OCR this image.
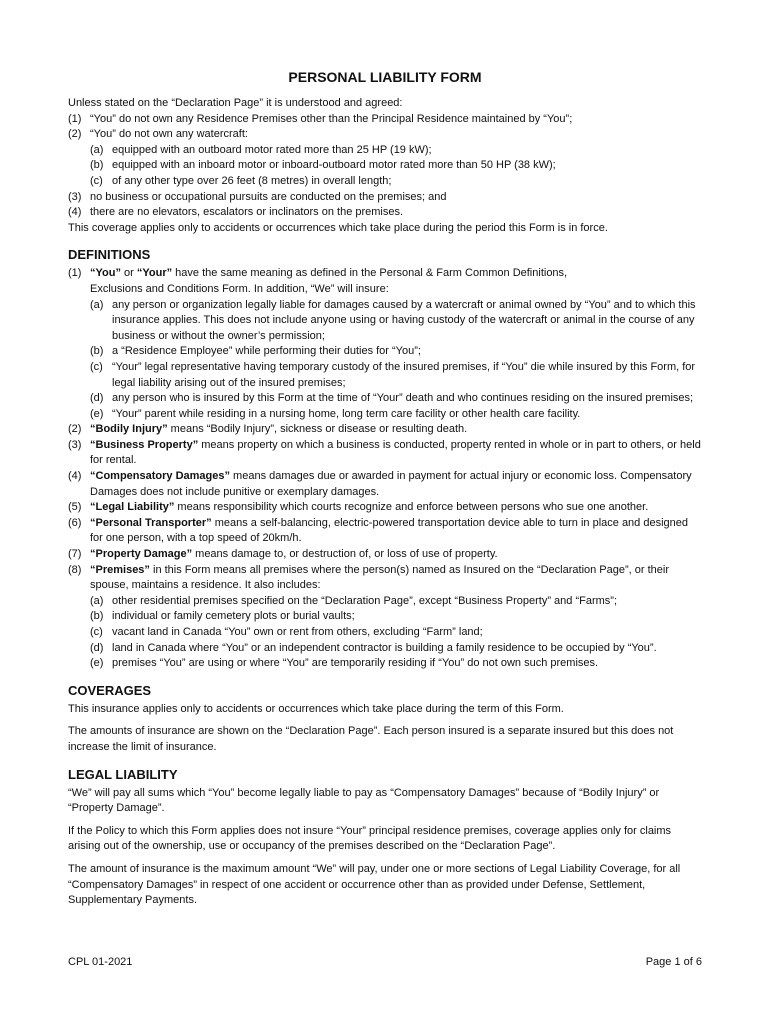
PERSONAL LIABILITY FORM

Unless stated on the “Declaration Page” it is understood and agreed:

(1) “You” do not own any Residence Premises other than the Principal Residence maintained by “You”;
(2) “You” do not own any watercraft:
(a) equipped with an outboard motor rated more than 25 HP (19 kW);
(b) equipped with an inboard motor or inboard-outboard motor rated more than 50 HP (38 kW);
(c) of any other type over 26 feet (8 metres) in overall length;
(3) no business or occupational pursuits are conducted on the premises; and
(4) there are no elevators, escalators or inclinators on the premises.

This coverage applies only to accidents or occurrences which take place during the period this Form is in force.

DEFINITIONS
(1) “You” or “Your” have the same meaning as defined in the Personal & Farm Common Definitions,
Exclusions and Conditions Form. In addition, “We” will insure:
(a) any person or organization legally liable for damages caused by a watercraft or animal owned by “You” and to which this insurance applies. This does not include anyone using or having custody of the watercraft or animal in the course of any business or without the owner’s permission;
(b) a “Residence Employee” while performing their duties for “You”;
(c) “Your” legal representative having temporary custody of the insured premises, if “You” die while insured by this Form, for legal liability arising out of the insured premises;
(d) any person who is insured by this Form at the time of “Your” death and who continues residing on the insured premises;
(e) “Your” parent while residing in a nursing home, long term care facility or other health care facility.
(2) “Bodily Injury” means “Bodily Injury”, sickness or disease or resulting death.
(3) “Business Property” means property on which a business is conducted, property rented in whole or in part to others, or held for rental.
(4) “Compensatory Damages” means damages due or awarded in payment for actual injury or economic loss. Compensatory Damages does not include punitive or exemplary damages.
(5) “Legal Liability” means responsibility which courts recognize and enforce between persons who sue one another.
(6) “Personal Transporter” means a self-balancing, electric-powered transportation device able to turn in place and designed for one person, with a top speed of 20km/h.
(7) “Property Damage” means damage to, or destruction of, or loss of use of property.
(8) “Premises” in this Form means all premises where the person(s) named as Insured on the “Declaration Page”, or their spouse, maintains a residence. It also includes:
(a) other residential premises specified on the “Declaration Page”, except “Business Property” and “Farms”;
(b) individual or family cemetery plots or burial vaults;
(c) vacant land in Canada “You” own or rent from others, excluding “Farm” land;
(d) land in Canada where “You” or an independent contractor is building a family residence to be occupied by “You”.
(e) premises “You” are using or where “You” are temporarily residing if “You” do not own such premises.
COVERAGES

This insurance applies only to accidents or occurrences which take place during the term of this Form.

The amounts of insurance are shown on the “Declaration Page”. Each person insured is a separate insured but this does not increase the limit of insurance.

LEGAL LIABILITY

“We” will pay all sums which “You” become legally liable to pay as “Compensatory Damages” because of “Bodily Injury” or “Property Damage”.

If the Policy to which this Form applies does not insure “Your” principal residence premises, coverage applies only for claims arising out of the ownership, use or occupancy of the premises described on the “Declaration Page”.

The amount of insurance is the maximum amount “We” will pay, under one or more sections of Legal Liability Coverage, for all “Compensatory Damages” in respect of one accident or occurrence other than as provided under Defense, Settlement, Supplementary Payments.

CPL 01-2021	Page 1 of 6
